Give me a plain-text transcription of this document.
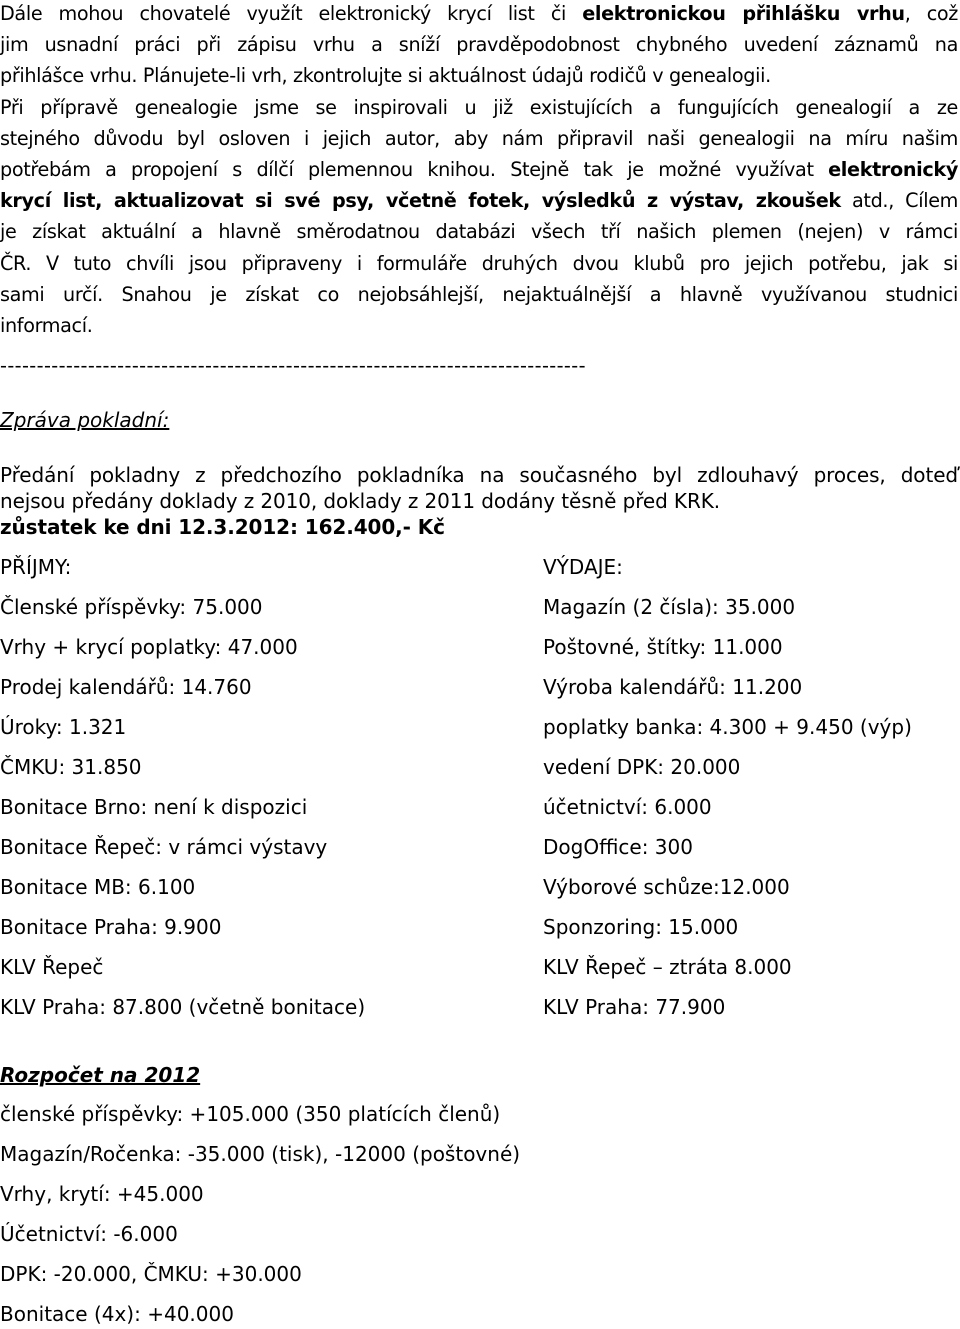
Dále mohou chovatelé využít elektronický krycí list či elektronickou přihlášku vrhu, což
jim usnadní práci při zápisu vrhu a sníží pravděpodobnost chybného uvedení záznamů na
přihlášce vrhu. Plánujete-li vrh, zkontrolujte si aktuálnost údajů rodičů v genealogii.
Při přípravě genealogie jsme se inspirovali u již existujících a fungujících genealogií a ze
stejného důvodu byl osloven i jejich autor, aby nám připravil naši genealogii na míru našim
potřebám a propojení s dílčí plemennou knihou. Stejně tak je možné využívat elektronický
krycí list, aktualizovat si své psy, včetně fotek, výsledků z výstav, zkoušek atd., Cílem
je získat aktuální a hlavně směrodatnou databázi všech tří našich plemen (nejen) v rámci
ČR. V tuto chvíli jsou připraveny i formuláře druhých dvou klubů pro jejich potřebu, jak si
sami určí. Snahou je získat co nejobsáhlejší, nejaktuálnější a hlavně využívanou studnici
informací.
--------------------------------------------------------------------------------
Zpráva pokladní:
Předání pokladny z předchozího pokladníka na současného byl zdlouhavý proces, doteď
nejsou předány doklady z 2010, doklady z 2011 dodány těsně před KRK.
zůstatek ke dni 12.3.2012: 162.400,- Kč
PŘÍJMY:	VÝDAJE:
Členské příspěvky: 75.000	Magazín (2 čísla): 35.000
Vrhy + krycí poplatky: 47.000	Poštovné, štítky: 11.000
Prodej kalendářů: 14.760	Výroba kalendářů: 11.200
Úroky: 1.321	poplatky banka: 4.300 + 9.450 (výp)
ČMKU: 31.850	vedení DPK: 20.000
Bonitace Brno: není k dispozici	účetnictví: 6.000
Bonitace Řepeč: v rámci výstavy	DogOffice: 300
Bonitace MB: 6.100	Výborové schůze:12.000
Bonitace Praha: 9.900	Sponzoring: 15.000
KLV Řepeč	KLV Řepeč – ztráta 8.000
KLV Praha: 87.800 (včetně bonitace)	KLV Praha: 77.900
Rozpočet na 2012
členské příspěvky: +105.000 (350 platících členů)
Magazín/Ročenka: -35.000 (tisk), -12000 (poštovné)
Vrhy, krytí: +45.000
Účetnictví: -6.000
DPK: -20.000, ČMKU: +30.000
Bonitace (4x): +40.000
